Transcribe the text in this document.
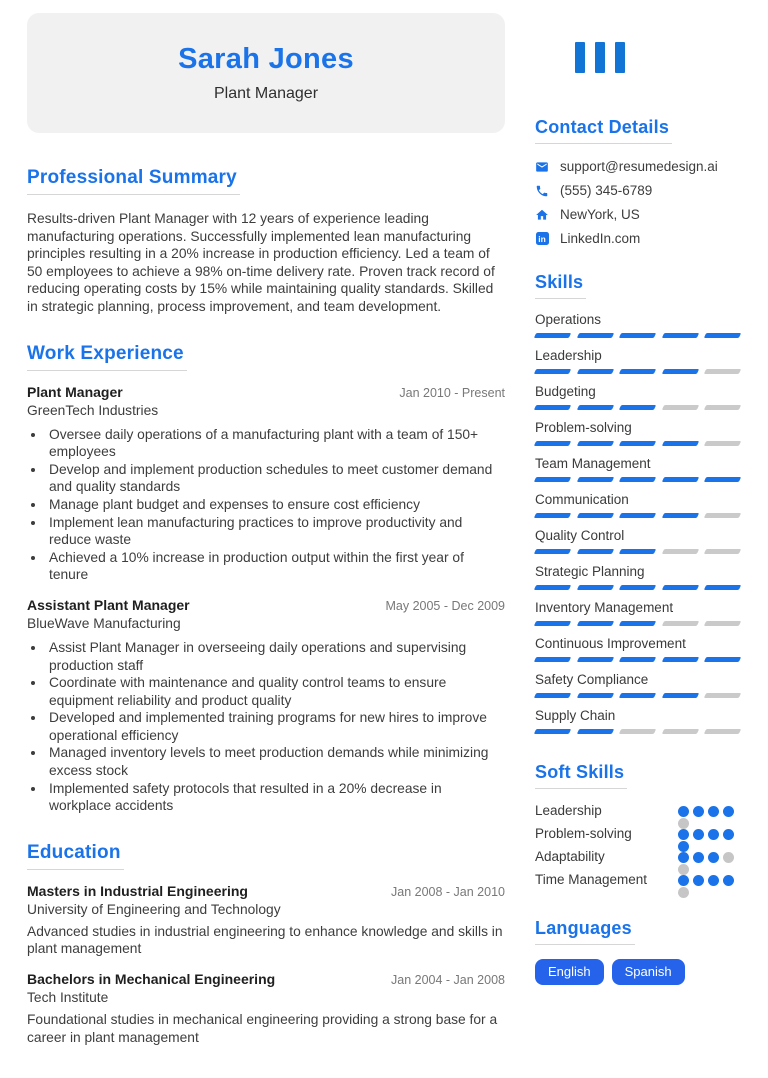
Sarah Jones
Plant Manager
Professional Summary

Results-driven Plant Manager with 12 years of experience leading manufacturing operations. Successfully implemented lean manufacturing principles resulting in a 20% increase in production efficiency. Led a team of 50 employees to achieve a 98% on-time delivery rate. Proven track record of reducing operating costs by 15% while maintaining quality standards. Skilled in strategic planning, process improvement, and team development.

Work Experience
Plant Manager	Jan 2010 - Present
GreenTech Industries
• Oversee daily operations of a manufacturing plant with a team of 150+ employees
• Develop and implement production schedules to meet customer demand and quality standards
• Manage plant budget and expenses to ensure cost efficiency
• Implement lean manufacturing practices to improve productivity and reduce waste
• Achieved a 10% increase in production output within the first year of tenure
Assistant Plant Manager	May 2005 - Dec 2009
BlueWave Manufacturing
• Assist Plant Manager in overseeing daily operations and supervising production staff
• Coordinate with maintenance and quality control teams to ensure equipment reliability and product quality
• Developed and implemented training programs for new hires to improve operational efficiency
• Managed inventory levels to meet production demands while minimizing excess stock
• Implemented safety protocols that resulted in a 20% decrease in workplace accidents
Education
Masters in Industrial Engineering	Jan 2008 - Jan 2010
University of Engineering and Technology

Advanced studies in industrial engineering to enhance knowledge and skills in plant management

Bachelors in Mechanical Engineering	Jan 2004 - Jan 2008
Tech Institute

Foundational studies in mechanical engineering providing a strong base for a career in plant management

Contact Details
support@resumedesign.ai
(555) 345-6789
NewYork, US
in LinkedIn.com
Skills
Operations
Leadership
Budgeting
Problem-solving
Team Management
Communication
Quality Control
Strategic Planning
Inventory Management
Continuous Improvement
Safety Compliance
Supply Chain
Soft Skills
Leadership
Problem-solving
Adaptability
Time Management
Languages
English	Spanish
